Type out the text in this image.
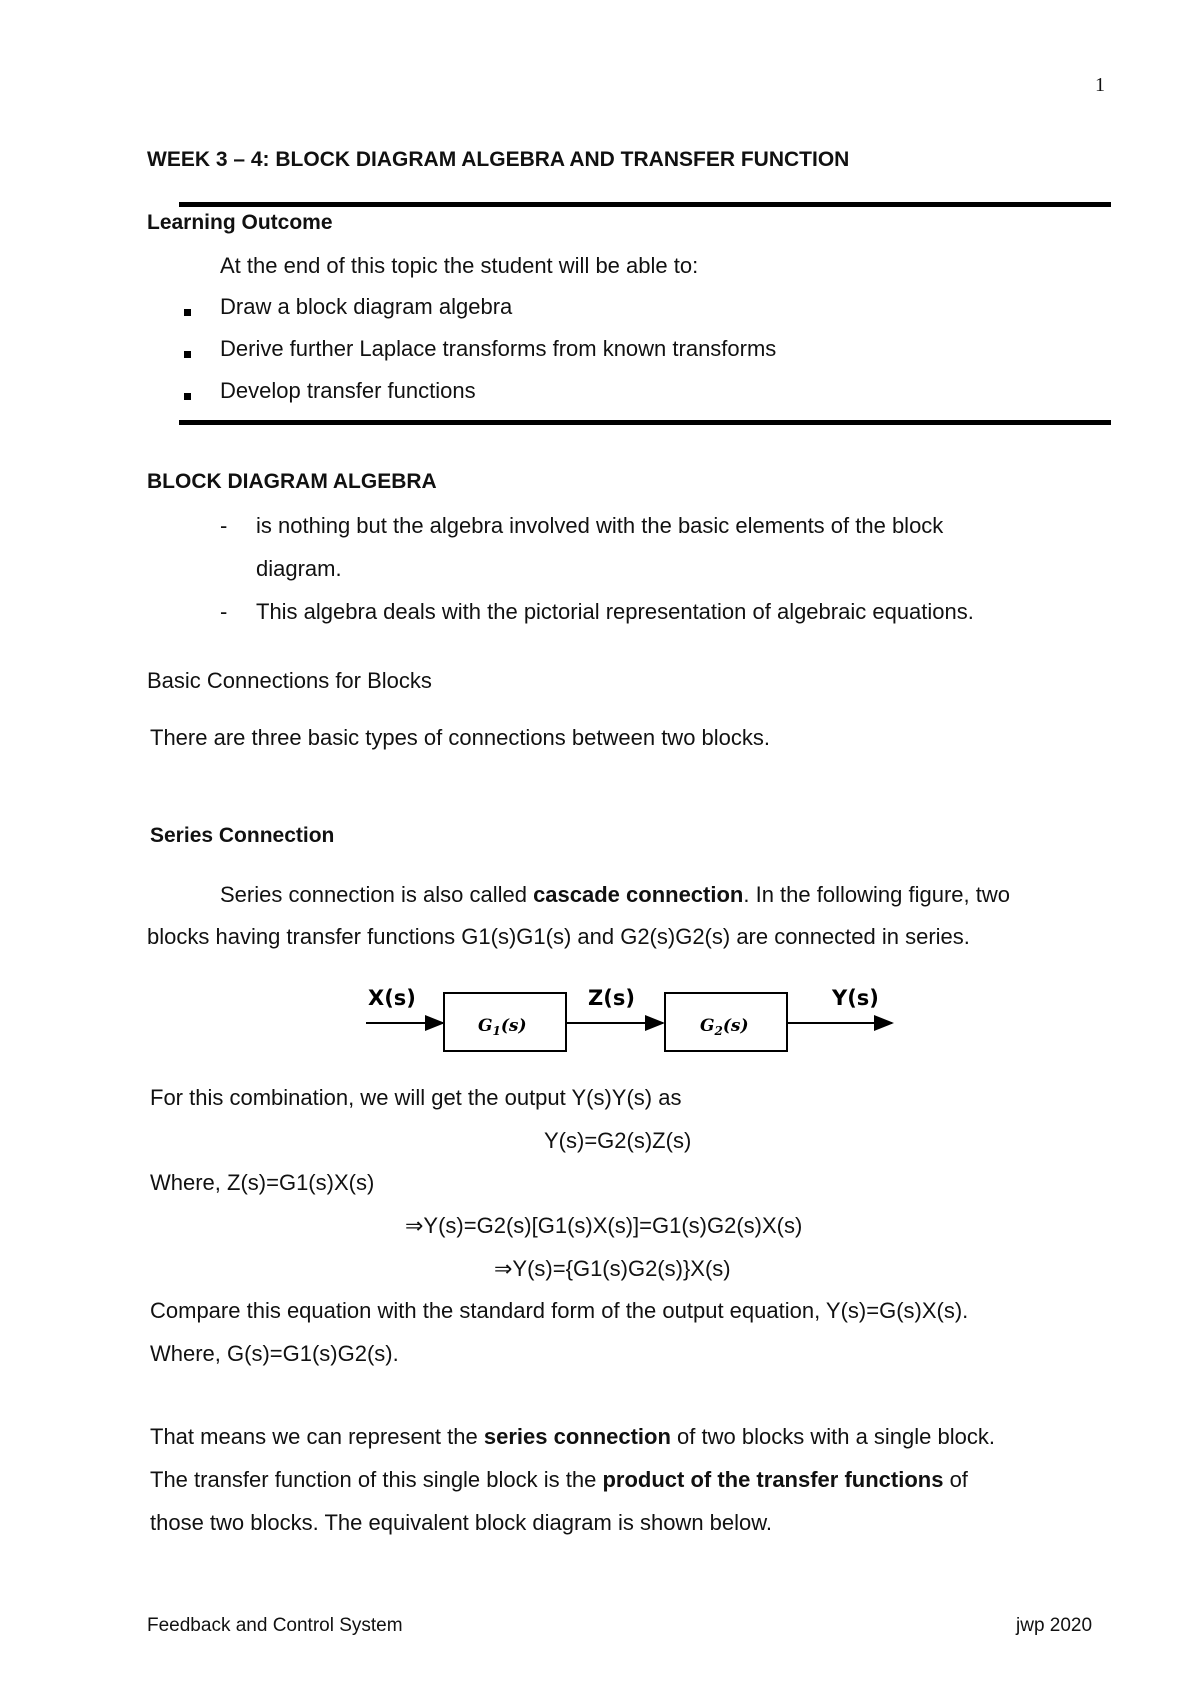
1
WEEK 3 – 4: BLOCK DIAGRAM ALGEBRA AND TRANSFER FUNCTION
Learning Outcome
At the end of this topic the student will be able to:
Draw a block diagram algebra
Derive further Laplace transforms from known transforms
Develop transfer functions
BLOCK DIAGRAM ALGEBRA
- is nothing but the algebra involved with the basic elements of the block
diagram.
- This algebra deals with the pictorial representation of algebraic equations.
Basic Connections for Blocks
There are three basic types of connections between two blocks.
Series Connection
Series connection is also called cascade connection. In the following figure, two
blocks having transfer functions G1(s)G1(s) and G2(s)G2(s) are connected in series.
X(s)
$G_1(s)$
Z(s)
$G_2(s)$
Y(s)
For this combination, we will get the output Y(s)Y(s) as
Y(s)=G2(s)Z(s)
Where, Z(s)=G1(s)X(s)
⇒Y(s)=G2(s)[G1(s)X(s)]=G1(s)G2(s)X(s)
⇒Y(s)={G1(s)G2(s)}X(s)
Compare this equation with the standard form of the output equation, Y(s)=G(s)X(s).
Where, G(s)=G1(s)G2(s).
That means we can represent the series connection of two blocks with a single block.
The transfer function of this single block is the product of the transfer functions of
those two blocks. The equivalent block diagram is shown below.
Feedback and Control System	jwp 2020
